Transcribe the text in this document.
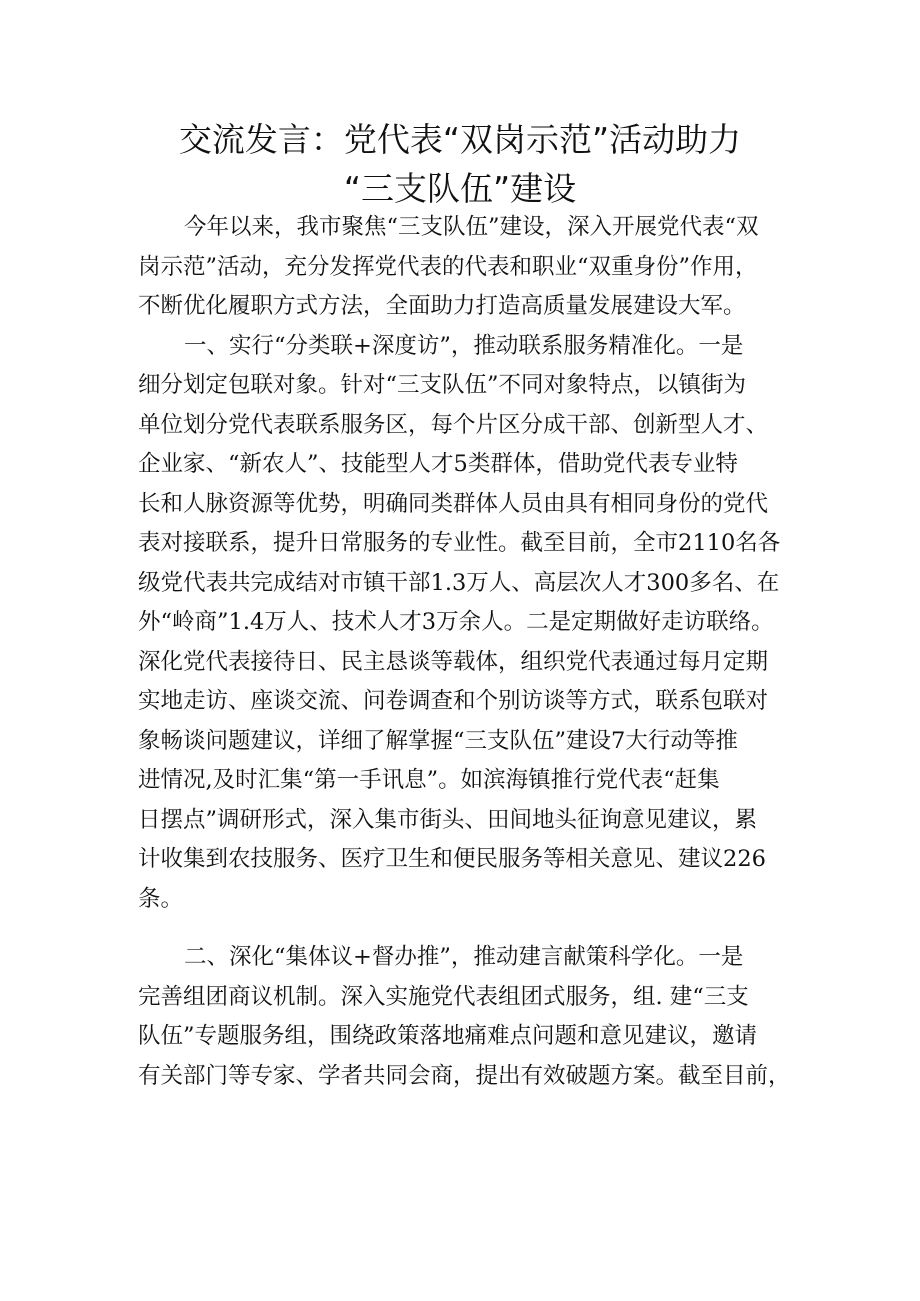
交流发言：党代表“双岗示范”活动助力
“三支队伍”建设
今年以来，我市聚焦“三支队伍”建设，深入开展党代表“双
岗示范”活动，充分发挥党代表的代表和职业“双重身份”作用，
不断优化履职方式方法，全面助力打造高质量发展建设大军。
一、实行“分类联+深度访”，推动联系服务精准化。一是
细分划定包联对象。针对“三支队伍”不同对象特点，以镇街为
单位划分党代表联系服务区，每个片区分成干部、创新型人才、
企业家、“新农人”、技能型人才5类群体，借助党代表专业特
长和人脉资源等优势，明确同类群体人员由具有相同身份的党代
表对接联系，提升日常服务的专业性。截至目前，全市2110名各
级党代表共完成结对市镇干部1.3万人、高层次人才300多名、在
外“岭商”1.4万人、技术人才3万余人。二是定期做好走访联络。
深化党代表接待日、民主恳谈等载体，组织党代表通过每月定期
实地走访、座谈交流、问卷调查和个别访谈等方式，联系包联对
象畅谈问题建议，详细了解掌握“三支队伍”建设7大行动等推
进情况,及时汇集“第一手讯息”。如滨海镇推行党代表“赶集
日摆点”调研形式，深入集市街头、田间地头征询意见建议，累
计收集到农技服务、医疗卫生和便民服务等相关意见、建议226
条。
二、深化“集体议+督办推”，推动建言献策科学化。一是
完善组团商议机制。深入实施党代表组团式服务，组. 建“三支
队伍”专题服务组，围绕政策落地痛难点问题和意见建议，邀请
有关部门等专家、学者共同会商，提出有效破题方案。截至目前，
